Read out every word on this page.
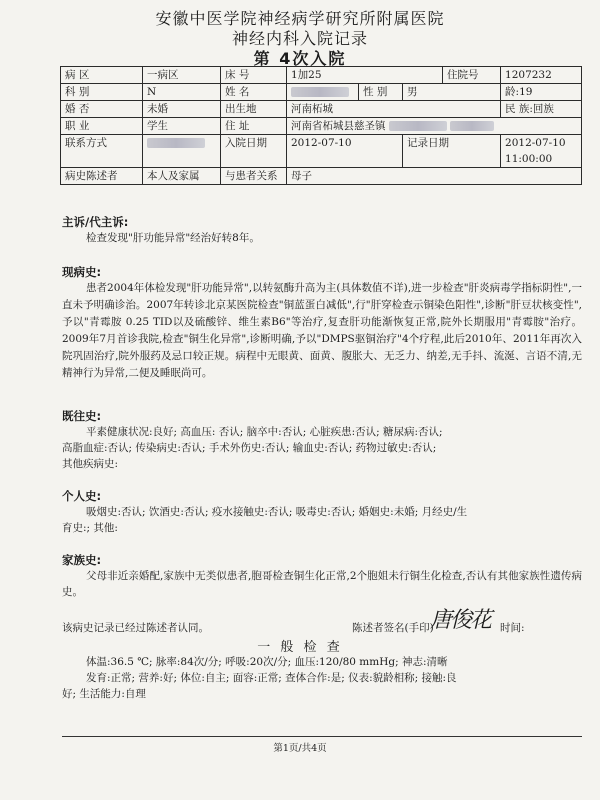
安徽中医学院神经病学研究所附属医院
神经内科入院记录
第 4次入院
病 区	一病区	床 号	1加25			住院号	1207232
科 别	N	姓 名		性 别	男		龄:19
婚 否	未婚	出生地	河南柘城				民 族:回族
职 业	学生	住 址	河南省柘城县慈圣镇				
联系方式		入院日期	2012-07-10		记录日期		2012-07-10
11:00:00

病史陈述者	本人及家属	与患者关系	母子				
主诉/代主诉:
检查发现"肝功能异常"经治好转8年。
现病史:
患者2004年体检发现"肝功能异常",以转氨酶升高为主(具体数值不详),进一步检查"肝炎病毒学指标阴性",一直未予明确诊治。2007年转诊北京某医院检查"铜蓝蛋白减低",行"肝穿检查示铜染色阳性",诊断"肝豆状核变性",予以"青霉胺 0.25 TID以及硫酸锌、维生素B6"等治疗,复查肝功能渐恢复正常,院外长期服用"青霉胺"治疗。2009年7月首诊我院,检查"铜生化异常",诊断明确,予以"DMPS驱铜治疗"4个疗程,此后2010年、2011年再次入院巩固治疗,院外服药及忌口较正规。病程中无眼黄、面黄、腹胀大、无乏力、纳差,无手抖、流涎、言语不清,无精神行为异常,二便及睡眠尚可。
既往史:
平素健康状况:良好; 高血压: 否认; 脑卒中:否认; 心脏疾患:否认; 糖尿病:否认;
高脂血症:否认; 传染病史:否认; 手术外伤史:否认; 输血史:否认; 药物过敏史:否认;
其他疾病史:
个人史:
吸烟史:否认; 饮酒史:否认; 疫水接触史:否认; 吸毒史:否认; 婚姻史:未婚; 月经史/生
育史:; 其他:
家族史:
父母非近亲婚配,家族中无类似患者,胞哥检查铜生化正常,2个胞姐未行铜生化检查,否认有其他家族性遗传病史。
该病史记录已经过陈述者认同。	陈述者签名(手印)
唐俊花 时间:
一 般 检 查
体温:36.5 ℃; 脉率:84次/分; 呼吸:20次/分; 血压:120/80 mmHg; 神志:清晰
发育:正常; 营养:好; 体位:自主; 面容:正常; 查体合作:是; 仪表:貌龄相称; 接触:良
好; 生活能力:自理
第1页/共4页
